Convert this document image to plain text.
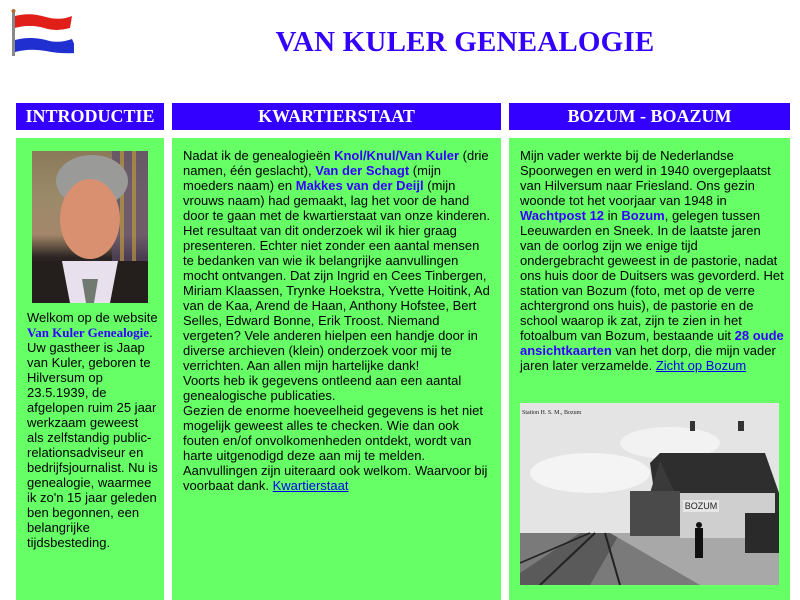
VAN KULER GENEALOGIE
INTRODUCTIE

Welkom op de website Van Kuler Genealogie. Uw gastheer is Jaap van Kuler, geboren te Hilversum op 23.5.1939, de afgelopen ruim 25 jaar werkzaam geweest als zelfstandig public-relationsadviseur en bedrijfsjournalist. Nu is genealogie, waarmee ik zo'n 15 jaar geleden ben begonnen, een belangrijke tijdsbesteding.

KWARTIERSTAAT

Nadat ik de genealogieën Knol/Knul/Van Kuler (drie namen, één geslacht), Van der Schagt (mijn moeders naam) en Makkes van der Deijl (mijn vrouws naam) had gemaakt, lag het voor de hand door te gaan met de kwartierstaat van onze kinderen.

Het resultaat van dit onderzoek wil ik hier graag presenteren. Echter niet zonder een aantal mensen te bedanken van wie ik belangrijke aanvullingen mocht ontvangen. Dat zijn Ingrid en Cees Tinbergen, Miriam Klaassen, Trynke Hoekstra, Yvette Hoitink, Ad van de Kaa, Arend de Haan, Anthony Hofstee, Bert Selles, Edward Bonne, Erik Troost. Niemand vergeten? Vele anderen hielpen een handje door in diverse archieven (klein) onderzoek voor mij te verrichten. Aan allen mijn hartelijke dank!

Voorts heb ik gegevens ontleend aan een aantal genealogische publicaties.

Gezien de enorme hoeveelheid gegevens is het niet mogelijk geweest alles te checken. Wie dan ook fouten en/of onvolkomenheden ontdekt, wordt van harte uitgenodigd deze aan mij te melden. Aanvullingen zijn uiteraard ook welkom. Waarvoor bij voorbaat dank. Kwartierstaat

BOZUM - BOAZUM

Mijn vader werkte bij de Nederlandse Spoorwegen en werd in 1940 overgeplaatst van Hilversum naar Friesland. Ons gezin woonde tot het voorjaar van 1948 in Wachtpost 12 in Bozum, gelegen tussen Leeuwarden en Sneek. In de laatste jaren van de oorlog zijn we enige tijd ondergebracht geweest in de pastorie, nadat ons huis door de Duitsers was gevorderd. Het station van Bozum (foto, met op de verre achtergrond ons huis), de pastorie en de school waarop ik zat, zijn te zien in het fotoalbum van Bozum, bestaande uit 28 oude ansichtkaarten van het dorp, die mijn vader jaren later verzamelde. Zicht op Bozum

BOZUM
Station H. S. M., Bozum
